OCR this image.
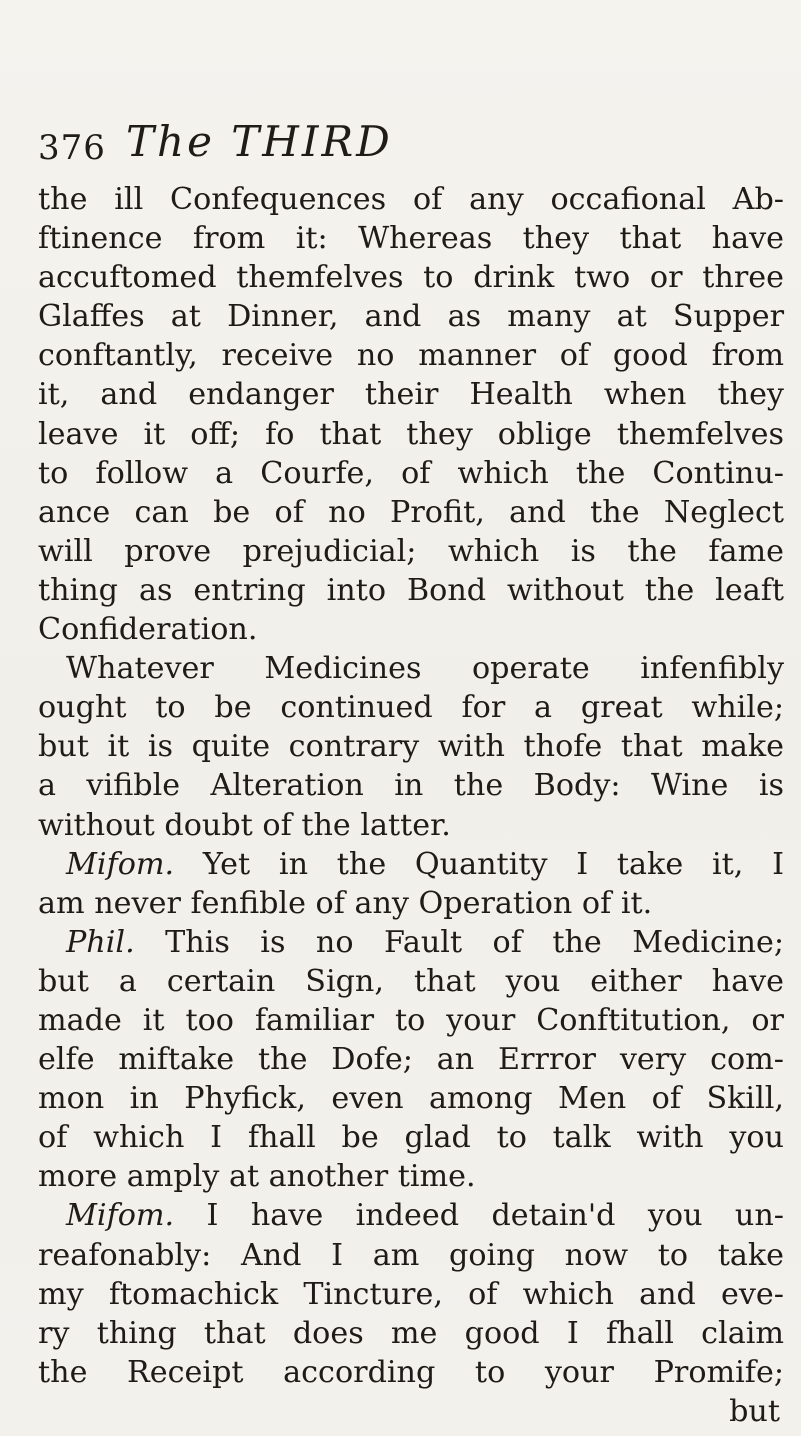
376 The THIRD
the ill Confequences of any occafional Ab-
ftinence from it: Whereas they that have
accuftomed themfelves to drink two or three
Glaffes at Dinner, and as many at Supper
conftantly, receive no manner of good from
it, and endanger their Health when they
leave it off; fo that they oblige themfelves
to follow a Courfe, of which the Continu-
ance can be of no Profit, and the Neglect
will prove prejudicial; which is the fame
thing as entring into Bond without the leaft
Confideration.
Whatever Medicines operate infenfibly
ought to be continued for a great while;
but it is quite contrary with thofe that make
a vifible Alteration in the Body: Wine is
without doubt of the latter.
Mifom. Yet in the Quantity I take it, I
am never fenfible of any Operation of it.
Phil. This is no Fault of the Medicine;
but a certain Sign, that you either have
made it too familiar to your Conftitution, or
elfe miftake the Dofe; an Errror very com-
mon in Phyfick, even among Men of Skill,
of which I fhall be glad to talk with you
more amply at another time.
Mifom. I have indeed detain'd you un-
reafonably: And I am going now to take
my ftomachick Tincture, of which and eve-
ry thing that does me good I fhall claim
the Receipt according to your Promife;
but
